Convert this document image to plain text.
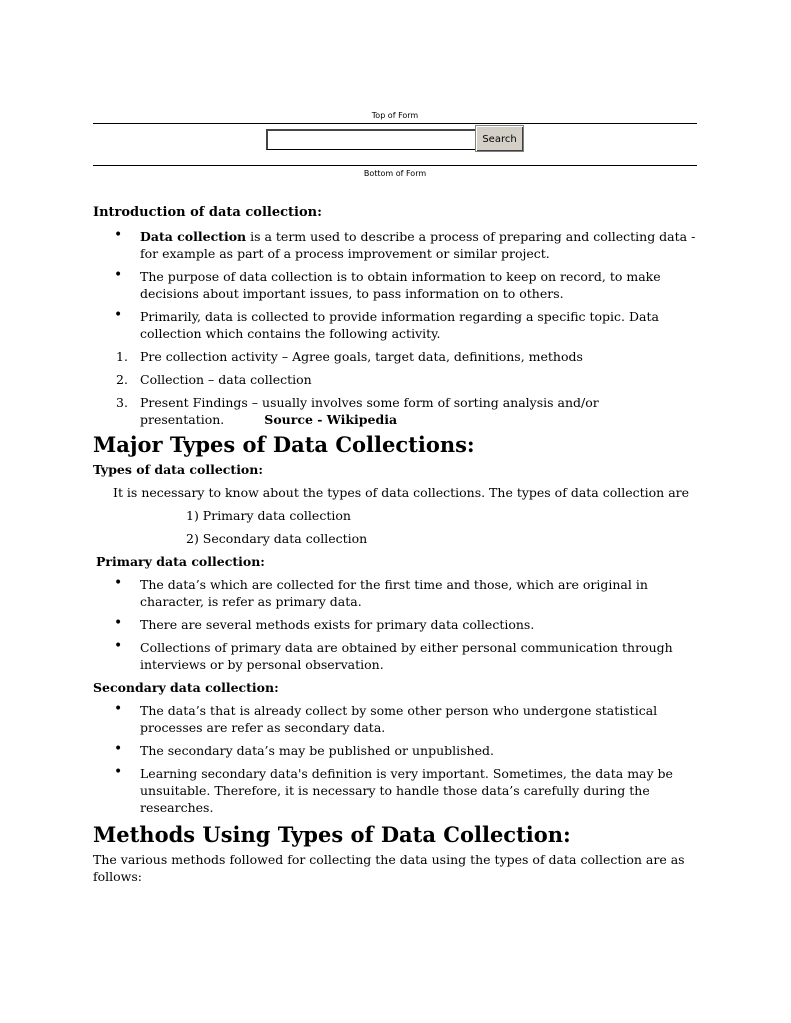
Top of Form
Search
Bottom of Form
Introduction of data collection:
• Data collection is a term used to describe a process of preparing and collecting data - for example as part of a process improvement or similar project.
• The purpose of data collection is to obtain information to keep on record, to make decisions about important issues, to pass information on to others.
• Primarily, data is collected to provide information regarding a specific topic. Data collection which contains the following activity.
1. Pre collection activity – Agree goals, target data, definitions, methods
2. Collection – data collection
3. Present Findings – usually involves some form of sorting analysis and/or presentation.	Source - Wikipedia
Major Types of Data Collections:
Types of data collection:

It is necessary to know about the types of data collections. The types of data collection are

1) Primary data collection

2) Secondary data collection

Primary data collection:
• The data’s which are collected for the first time and those, which are original in character, is refer as primary data.
• There are several methods exists for primary data collections.
• Collections of primary data are obtained by either personal communication through interviews or by personal observation.
Secondary data collection:
• The data’s that is already collect by some other person who undergone statistical processes are refer as secondary data.
• The secondary data’s may be published or unpublished.
• Learning secondary data's definition is very important. Sometimes, the data may be unsuitable. Therefore, it is necessary to handle those data’s carefully during the researches.
Methods Using Types of Data Collection:

The various methods followed for collecting the data using the types of data collection are as follows:
